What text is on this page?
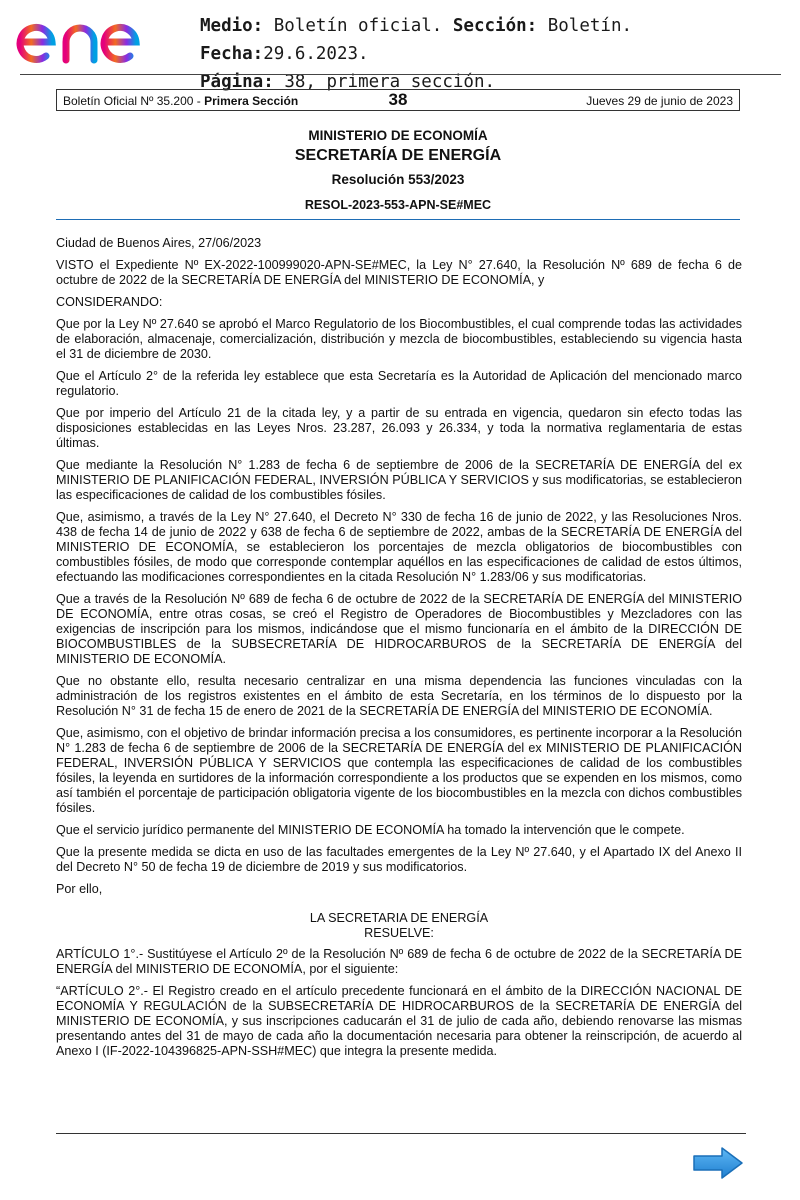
Medio: Boletín oficial. Sección: Boletín. Fecha:29.6.2023.
Página: 38, primera sección.
Boletín Oficial Nº 35.200 - Primera Sección	38	Jueves 29 de junio de 2023
MINISTERIO DE ECONOMÍA
SECRETARÍA DE ENERGÍA
Resolución 553/2023
RESOL-2023-553-APN-SE#MEC

Ciudad de Buenos Aires, 27/06/2023

VISTO el Expediente Nº EX-2022-100999020-APN-SE#MEC, la Ley N° 27.640, la Resolución Nº 689 de fecha 6 de octubre de 2022 de la SECRETARÍA DE ENERGÍA del MINISTERIO DE ECONOMÍA, y

CONSIDERANDO:

Que por la Ley Nº 27.640 se aprobó el Marco Regulatorio de los Biocombustibles, el cual comprende todas las actividades de elaboración, almacenaje, comercialización, distribución y mezcla de biocombustibles, estableciendo su vigencia hasta el 31 de diciembre de 2030.

Que el Artículo 2° de la referida ley establece que esta Secretaría es la Autoridad de Aplicación del mencionado marco regulatorio.

Que por imperio del Artículo 21 de la citada ley, y a partir de su entrada en vigencia, quedaron sin efecto todas las disposiciones establecidas en las Leyes Nros. 23.287, 26.093 y 26.334, y toda la normativa reglamentaria de estas últimas.

Que mediante la Resolución N° 1.283 de fecha 6 de septiembre de 2006 de la SECRETARÍA DE ENERGÍA del ex MINISTERIO DE PLANIFICACIÓN FEDERAL, INVERSIÓN PÚBLICA Y SERVICIOS y sus modificatorias, se establecieron las especificaciones de calidad de los combustibles fósiles.

Que, asimismo, a través de la Ley N° 27.640, el Decreto N° 330 de fecha 16 de junio de 2022, y las Resoluciones Nros. 438 de fecha 14 de junio de 2022 y 638 de fecha 6 de septiembre de 2022, ambas de la SECRETARÍA DE ENERGÍA del MINISTERIO DE ECONOMÍA, se establecieron los porcentajes de mezcla obligatorios de biocombustibles con combustibles fósiles, de modo que corresponde contemplar aquéllos en las especificaciones de calidad de estos últimos, efectuando las modificaciones correspondientes en la citada Resolución N° 1.283/06 y sus modificatorias.

Que a través de la Resolución Nº 689 de fecha 6 de octubre de 2022 de la SECRETARÍA DE ENERGÍA del MINISTERIO DE ECONOMÍA, entre otras cosas, se creó el Registro de Operadores de Biocombustibles y Mezcladores con las exigencias de inscripción para los mismos, indicándose que el mismo funcionaría en el ámbito de la DIRECCIÓN DE BIOCOMBUSTIBLES de la SUBSECRETARÍA DE HIDROCARBUROS de la SECRETARÍA DE ENERGÍA del MINISTERIO DE ECONOMÍA.

Que no obstante ello, resulta necesario centralizar en una misma dependencia las funciones vinculadas con la administración de los registros existentes en el ámbito de esta Secretaría, en los términos de lo dispuesto por la Resolución N° 31 de fecha 15 de enero de 2021 de la SECRETARÍA DE ENERGÍA del MINISTERIO DE ECONOMÍA.

Que, asimismo, con el objetivo de brindar información precisa a los consumidores, es pertinente incorporar a la Resolución N° 1.283 de fecha 6 de septiembre de 2006 de la SECRETARÍA DE ENERGÍA del ex MINISTERIO DE PLANIFICACIÓN FEDERAL, INVERSIÓN PÚBLICA Y SERVICIOS que contempla las especificaciones de calidad de los combustibles fósiles, la leyenda en surtidores de la información correspondiente a los productos que se expenden en los mismos, como así también el porcentaje de participación obligatoria vigente de los biocombustibles en la mezcla con dichos combustibles fósiles.

Que el servicio jurídico permanente del MINISTERIO DE ECONOMÍA ha tomado la intervención que le compete.

Que la presente medida se dicta en uso de las facultades emergentes de la Ley Nº 27.640, y el Apartado IX del Anexo II del Decreto N° 50 de fecha 19 de diciembre de 2019 y sus modificatorios.

Por ello,

LA SECRETARIA DE ENERGÍA
RESUELVE:

ARTÍCULO 1°.- Sustitúyese el Artículo 2º de la Resolución Nº 689 de fecha 6 de octubre de 2022 de la SECRETARÍA DE ENERGÍA del MINISTERIO DE ECONOMÍA, por el siguiente:

“ARTÍCULO 2°.- El Registro creado en el artículo precedente funcionará en el ámbito de la DIRECCIÓN NACIONAL DE ECONOMÍA Y REGULACIÓN de la SUBSECRETARÍA DE HIDROCARBUROS de la SECRETARÍA DE ENERGÍA del MINISTERIO DE ECONOMÍA, y sus inscripciones caducarán el 31 de julio de cada año, debiendo renovarse las mismas presentando antes del 31 de mayo de cada año la documentación necesaria para obtener la reinscripción, de acuerdo al Anexo I (IF-2022-104396825-APN-SSH#MEC) que integra la presente medida.
